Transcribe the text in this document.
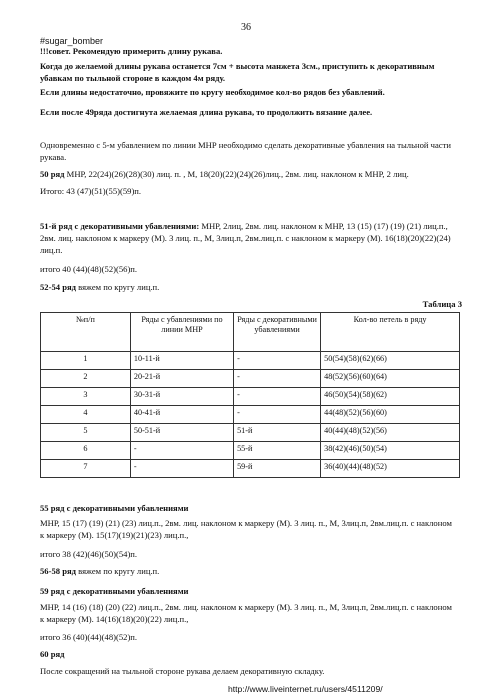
36
#sugar_bomber
!!!совет. Рекомендую примерить длину рукава.
Когда до желаемой длины рукава останется 7см + высота манжета 3см., приступить к декоративным убавкам по тыльной стороне в каждом 4м ряду.
Если длины недостаточно, провяжите по кругу необходимое кол-во рядов без убавлений.
Если после 49ряда достигнута желаемая длина рукава, то продолжить вязание далее.
Одновременно с 5-м убавлением по линии МНР необходимо сделать декоративные убавления на тыльной части рукава.
50 ряд МНР, 22(24)(26)(28)(30) лиц. п. , М, 18(20)(22)(24)(26)лиц., 2вм. лиц. наклоном к МНР, 2 лиц.
Итого: 43 (47)(51)(55)(59)п.
51-й ряд с декоративными убавлениями: МНР, 2лиц, 2вм. лиц. наклоном к МНР, 13 (15) (17) (19) (21) лиц.п., 2вм. лиц. наклоном к маркеру (М). 3 лиц. п., М, 3лиц.п, 2вм.лиц.п. с наклоном к маркеру (М). 16(18)(20)(22)(24) лиц.п.
итого 40 (44)(48)(52)(56)п.
52-54 ряд вяжем по кругу лиц.п.
Таблица 3
№п/п	Ряды с убавлениями по линии МНР	Ряды с декоративными убавлениями	Кол-во петель в ряду
1	10-11-й	-	50(54)(58)(62)(66)
2	20-21-й	-	48(52)(56)(60)(64)
3	30-31-й	-	46(50)(54)(58)(62)
4	40-41-й	-	44(48)(52)(56)(60)
5	50-51-й	51-й	40(44)(48)(52)(56)
6	-	55-й	38(42)(46)(50)(54)
7	-	59-й	36(40)(44)(48)(52)
55 ряд с декоративными убавлениями
МНР, 15 (17) (19) (21) (23) лиц.п., 2вм. лиц. наклоном к маркеру (М). 3 лиц. п., М, 3лиц.п, 2вм.лиц.п. с наклоном к маркеру (М). 15(17)(19)(21)(23) лиц.п.,
итого 38 (42)(46)(50)(54)п.
56-58 ряд вяжем по кругу лиц.п.
59 ряд с декоративными убавлениями
МНР, 14 (16) (18) (20) (22) лиц.п., 2вм. лиц. наклоном к маркеру (М). 3 лиц. п., М, 3лиц.п, 2вм.лиц.п. с наклоном к маркеру (М). 14(16)(18)(20)(22) лиц.п.,
итого 36 (40)(44)(48)(52)п.
60 ряд
После сокращений на тыльной стороне рукава делаем декоративную складку.
http://www.liveinternet.ru/users/4511209/
